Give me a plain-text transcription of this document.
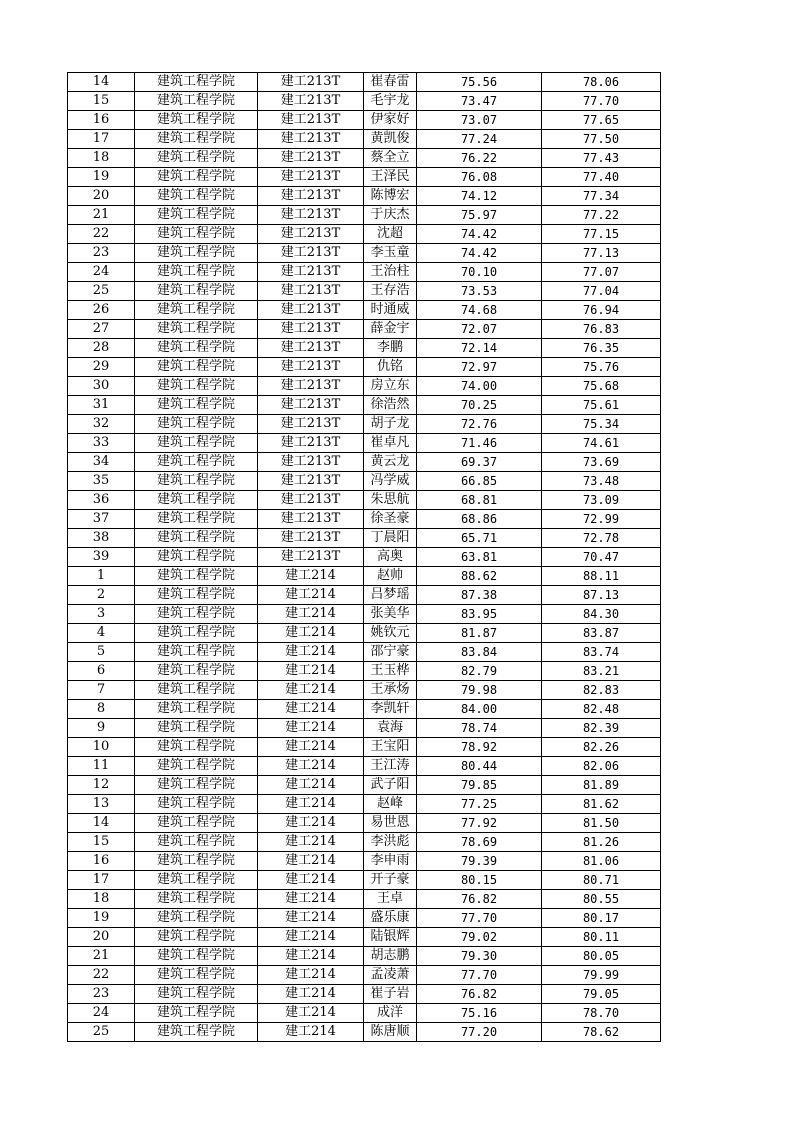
14	建筑工程学院	建工213T	崔春雷	75.56	78.06
15	建筑工程学院	建工213T	毛宇龙	73.47	77.70
16	建筑工程学院	建工213T	伊家好	73.07	77.65
17	建筑工程学院	建工213T	黄凯俊	77.24	77.50
18	建筑工程学院	建工213T	蔡全立	76.22	77.43
19	建筑工程学院	建工213T	王泽民	76.08	77.40
20	建筑工程学院	建工213T	陈博宏	74.12	77.34
21	建筑工程学院	建工213T	于庆杰	75.97	77.22
22	建筑工程学院	建工213T	沈超	74.42	77.15
23	建筑工程学院	建工213T	李玉童	74.42	77.13
24	建筑工程学院	建工213T	王治柱	70.10	77.07
25	建筑工程学院	建工213T	王存浩	73.53	77.04
26	建筑工程学院	建工213T	时通威	74.68	76.94
27	建筑工程学院	建工213T	薛金宇	72.07	76.83
28	建筑工程学院	建工213T	李鹏	72.14	76.35
29	建筑工程学院	建工213T	仇铭	72.97	75.76
30	建筑工程学院	建工213T	房立东	74.00	75.68
31	建筑工程学院	建工213T	徐浩然	70.25	75.61
32	建筑工程学院	建工213T	胡子龙	72.76	75.34
33	建筑工程学院	建工213T	崔卓凡	71.46	74.61
34	建筑工程学院	建工213T	黄云龙	69.37	73.69
35	建筑工程学院	建工213T	冯学威	66.85	73.48
36	建筑工程学院	建工213T	朱思航	68.81	73.09
37	建筑工程学院	建工213T	徐圣豪	68.86	72.99
38	建筑工程学院	建工213T	丁晨阳	65.71	72.78
39	建筑工程学院	建工213T	高奥	63.81	70.47
1	建筑工程学院	建工214	赵帅	88.62	88.11
2	建筑工程学院	建工214	吕梦瑶	87.38	87.13
3	建筑工程学院	建工214	张美华	83.95	84.30
4	建筑工程学院	建工214	姚钦元	81.87	83.87
5	建筑工程学院	建工214	邵宁豪	83.84	83.74
6	建筑工程学院	建工214	王玉桦	82.79	83.21
7	建筑工程学院	建工214	王承炀	79.98	82.83
8	建筑工程学院	建工214	李凯轩	84.00	82.48
9	建筑工程学院	建工214	袁海	78.74	82.39
10	建筑工程学院	建工214	王宝阳	78.92	82.26
11	建筑工程学院	建工214	王江涛	80.44	82.06
12	建筑工程学院	建工214	武子阳	79.85	81.89
13	建筑工程学院	建工214	赵峰	77.25	81.62
14	建筑工程学院	建工214	易世恩	77.92	81.50
15	建筑工程学院	建工214	李洪彪	78.69	81.26
16	建筑工程学院	建工214	李申雨	79.39	81.06
17	建筑工程学院	建工214	开子豪	80.15	80.71
18	建筑工程学院	建工214	王卓	76.82	80.55
19	建筑工程学院	建工214	盛乐康	77.70	80.17
20	建筑工程学院	建工214	陆银辉	79.02	80.11
21	建筑工程学院	建工214	胡志鹏	79.30	80.05
22	建筑工程学院	建工214	孟凌萧	77.70	79.99
23	建筑工程学院	建工214	崔子岩	76.82	79.05
24	建筑工程学院	建工214	成洋	75.16	78.70
25	建筑工程学院	建工214	陈唐顺	77.20	78.62
